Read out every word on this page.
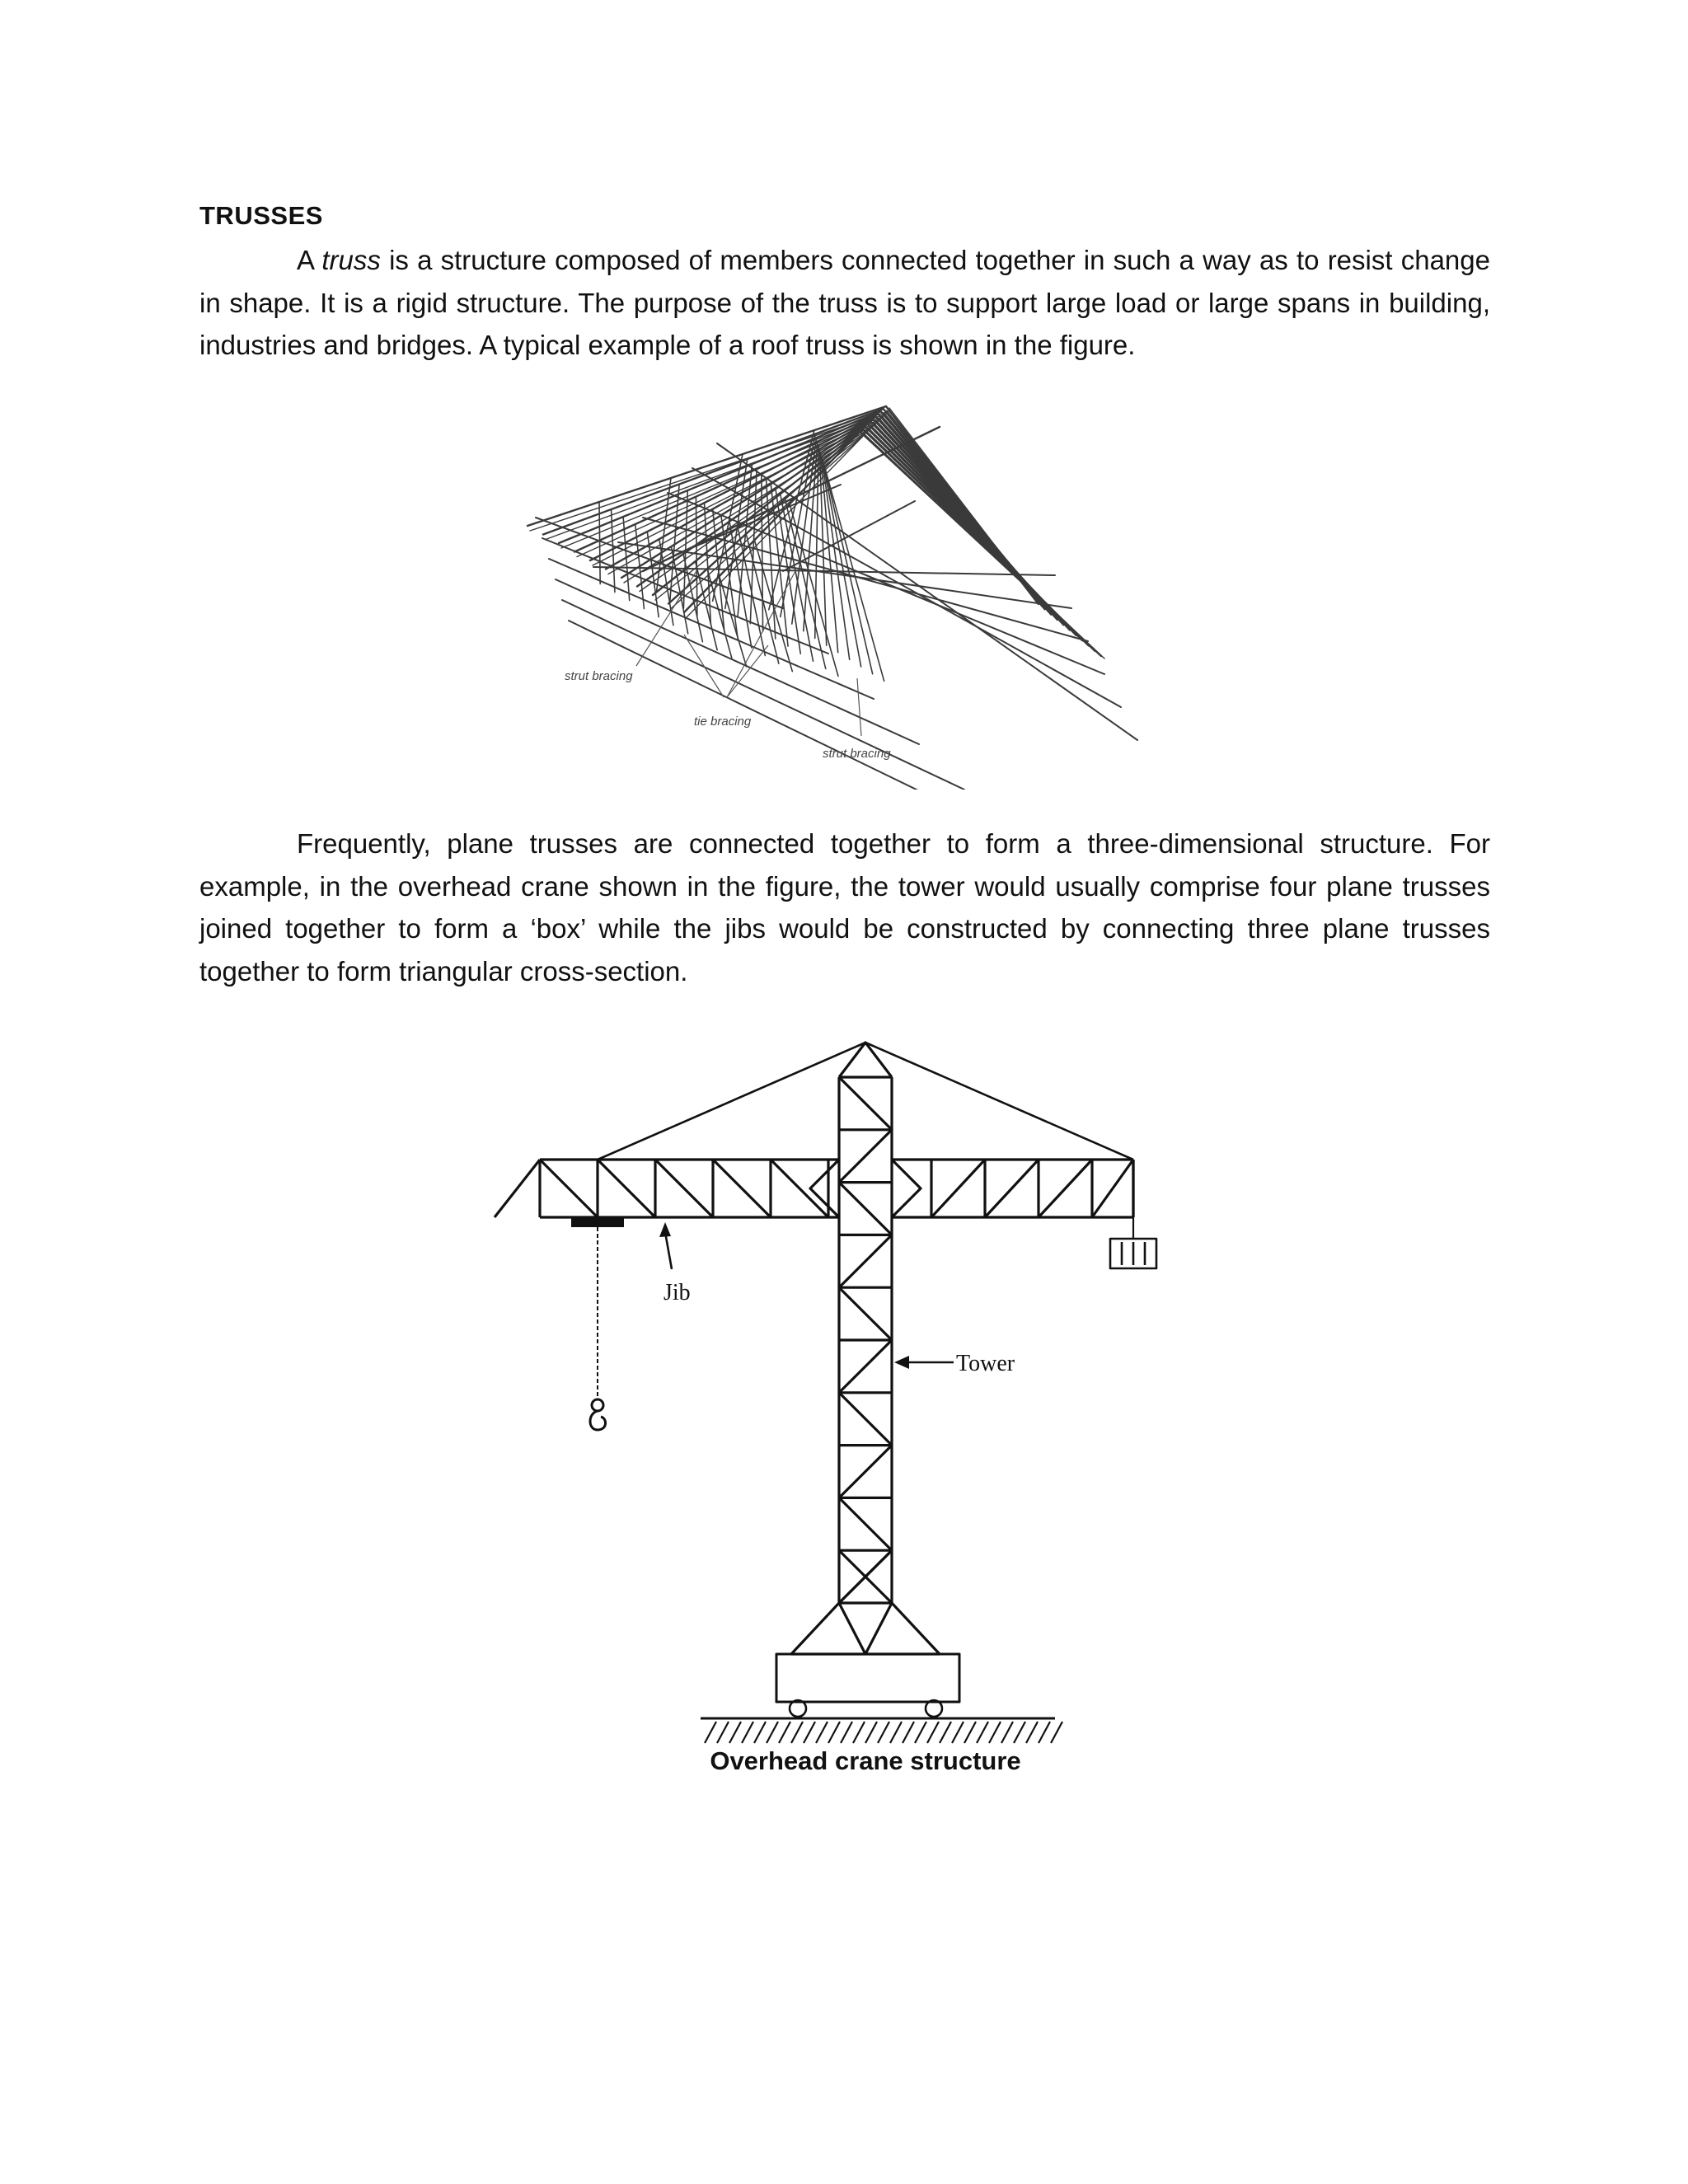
TRUSSES

A truss is a structure composed of members connected together in such a way as to resist change in shape. It is a rigid structure. The purpose of the truss is to support large load or large spans in building, industries and bridges. A typical example of a roof truss is shown in the figure.

strut bracing
tie bracing
strut bracing

Frequently, plane trusses are connected together to form a three-dimensional structure. For example, in the overhead crane shown in the figure, the tower would usually comprise four plane trusses joined together to form a ‘box’ while the jibs would be constructed by connecting three plane trusses together to form triangular cross-section.

Jib
Tower
Overhead crane structure
